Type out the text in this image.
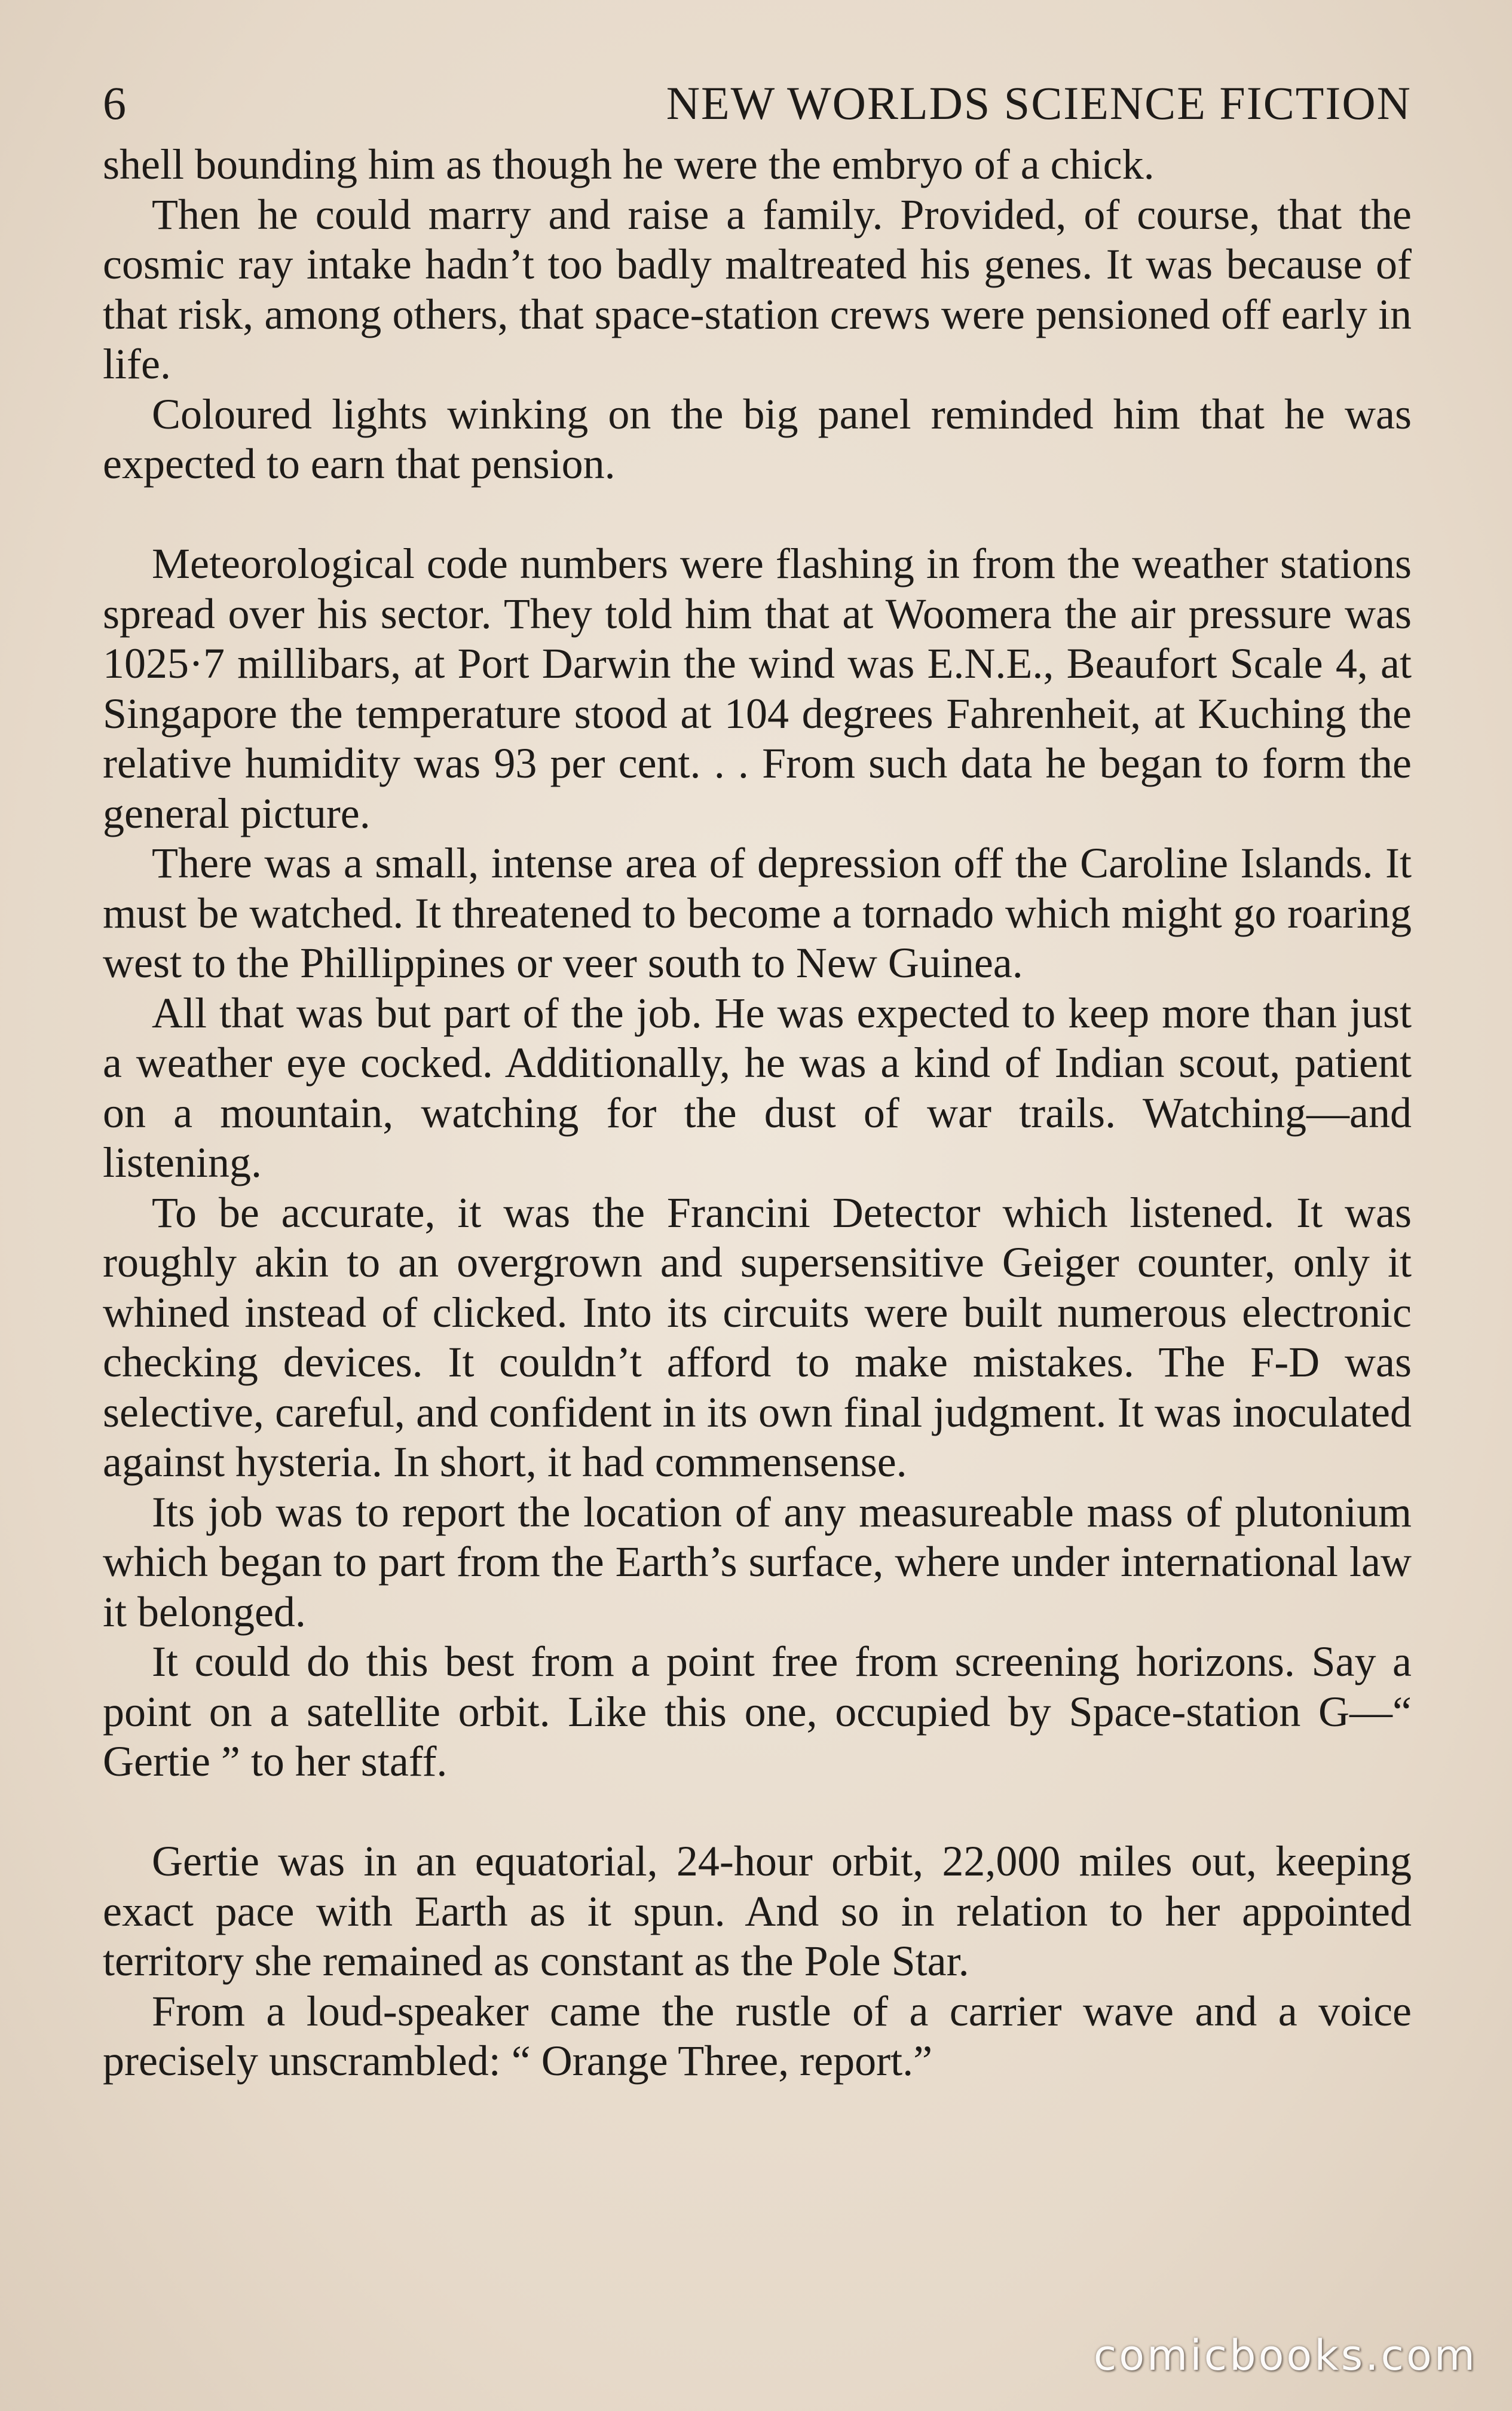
6	NEW WORLDS SCIENCE FICTION

shell bounding him as though he were the embryo of a chick.

Then he could marry and raise a family. Provided, of course, that the cosmic ray intake hadn’t too badly maltreated his genes. It was because of that risk, among others, that space-station crews were pensioned off early in life.

Coloured lights winking on the big panel reminded him that he was expected to earn that pension.

Meteorological code numbers were flashing in from the weather stations spread over his sector. They told him that at Woomera the air pressure was 1025·7 millibars, at Port Darwin the wind was E.N.E., Beaufort Scale 4, at Singapore the temperature stood at 104 degrees Fahrenheit, at Kuching the relative humidity was 93 per cent. . . From such data he began to form the general picture.

There was a small, intense area of depression off the Caroline Islands. It must be watched. It threatened to become a tornado which might go roaring west to the Phillippines or veer south to New Guinea.

All that was but part of the job. He was expected to keep more than just a weather eye cocked. Additionally, he was a kind of Indian scout, patient on a mountain, watching for the dust of war trails. Watching—and listening.

To be accurate, it was the Francini Detector which listened. It was roughly akin to an overgrown and supersensitive Geiger counter, only it whined instead of clicked. Into its circuits were built numerous electronic checking devices. It couldn’t afford to make mistakes. The F-D was selective, careful, and confident in its own final judgment. It was inoculated against hysteria. In short, it had commensense.

Its job was to report the location of any measureable mass of plutonium which began to part from the Earth’s surface, where under international law it belonged.

It could do this best from a point free from screening horizons. Say a point on a satellite orbit. Like this one, occupied by Space-station G—“ Gertie ” to her staff.

Gertie was in an equatorial, 24-hour orbit, 22,000 miles out, keeping exact pace with Earth as it spun. And so in relation to her appointed territory she remained as constant as the Pole Star.

From a loud-speaker came the rustle of a carrier wave and a voice precisely unscrambled: “ Orange Three, report.”

comicbooks.com
